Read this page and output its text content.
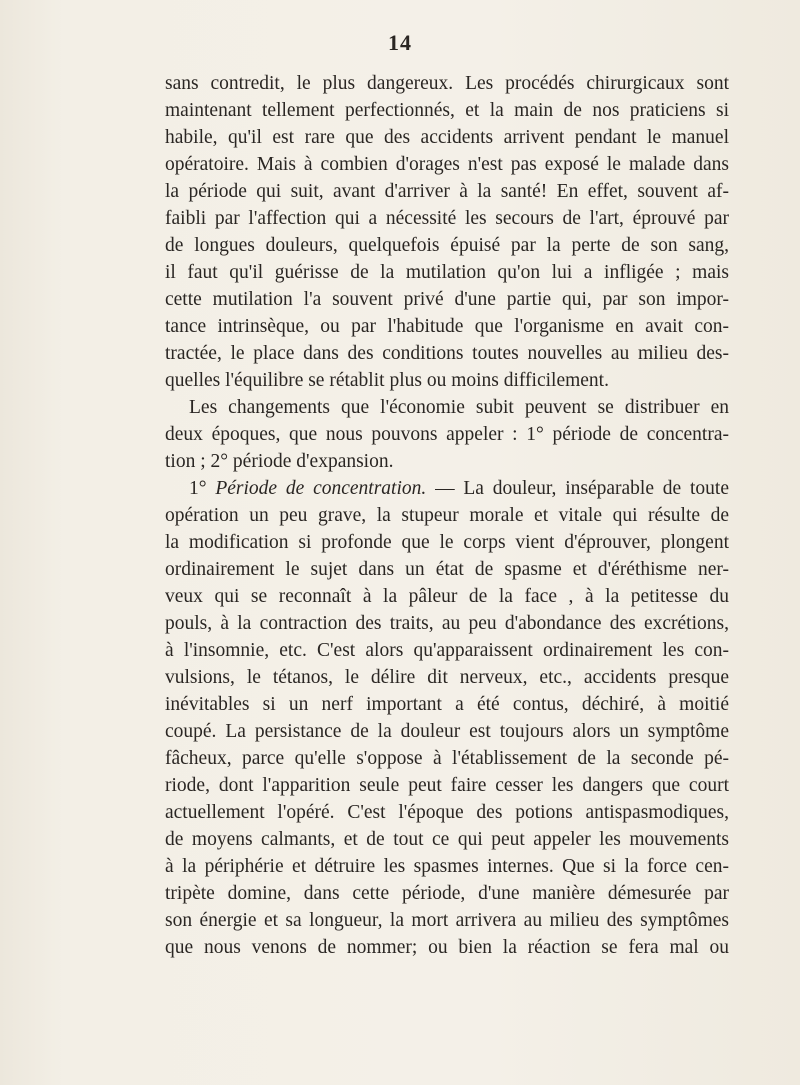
14
sans contredit, le plus dangereux. Les procédés chirurgicaux sont
maintenant tellement perfectionnés, et la main de nos praticiens si
habile, qu'il est rare que des accidents arrivent pendant le manuel
opératoire. Mais à combien d'orages n'est pas exposé le malade dans
la période qui suit, avant d'arriver à la santé! En effet, souvent af-
faibli par l'affection qui a nécessité les secours de l'art, éprouvé par
de longues douleurs, quelquefois épuisé par la perte de son sang,
il faut qu'il guérisse de la mutilation qu'on lui a infligée ; mais
cette mutilation l'a souvent privé d'une partie qui, par son impor-
tance intrinsèque, ou par l'habitude que l'organisme en avait con-
tractée, le place dans des conditions toutes nouvelles au milieu des-
quelles l'équilibre se rétablit plus ou moins difficilement.
Les changements que l'économie subit peuvent se distribuer en
deux époques, que nous pouvons appeler : 1° période de concentra-
tion ; 2° période d'expansion.
1° Période de concentration. — La douleur, inséparable de toute
opération un peu grave, la stupeur morale et vitale qui résulte de
la modification si profonde que le corps vient d'éprouver, plongent
ordinairement le sujet dans un état de spasme et d'éréthisme ner-
veux qui se reconnaît à la pâleur de la face , à la petitesse du
pouls, à la contraction des traits, au peu d'abondance des excrétions,
à l'insomnie, etc. C'est alors qu'apparaissent ordinairement les con-
vulsions, le tétanos, le délire dit nerveux, etc., accidents presque
inévitables si un nerf important a été contus, déchiré, à moitié
coupé. La persistance de la douleur est toujours alors un symptôme
fâcheux, parce qu'elle s'oppose à l'établissement de la seconde pé-
riode, dont l'apparition seule peut faire cesser les dangers que court
actuellement l'opéré. C'est l'époque des potions antispasmodiques,
de moyens calmants, et de tout ce qui peut appeler les mouvements
à la périphérie et détruire les spasmes internes. Que si la force cen-
tripète domine, dans cette période, d'une manière démesurée par
son énergie et sa longueur, la mort arrivera au milieu des symptômes
que nous venons de nommer; ou bien la réaction se fera mal ou
